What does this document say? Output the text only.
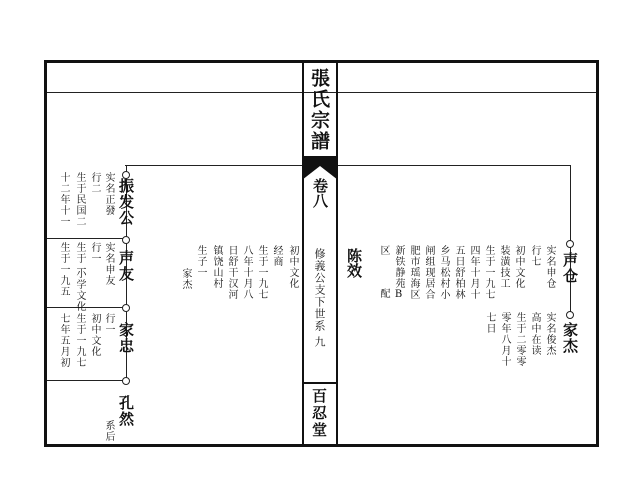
張氏宗譜
卷八
修義公支下世系
九
百忍堂
陈效
振发公
实名正發
行二
生于民国二
十二年十一
声友
实名申友
行一
生于一
小学文化
生于一九五
家忠
行一
初中文化
生于一九七
七年五月初
孔然
系后
初中文化
经商
生于一九七
八年十月八
日舒干汉河
镇饶山村
生子一
家杰	初中文化
装潢技工
生于一九七
四年十月十
五日舒柏林
乡马松村小
闸组现居合
肥市瑶海区
新铁静苑B
区
配
声仓
实名申仓
行七
家杰
实名俊杰
高中在读
生于二零零
零年八月十
七日
